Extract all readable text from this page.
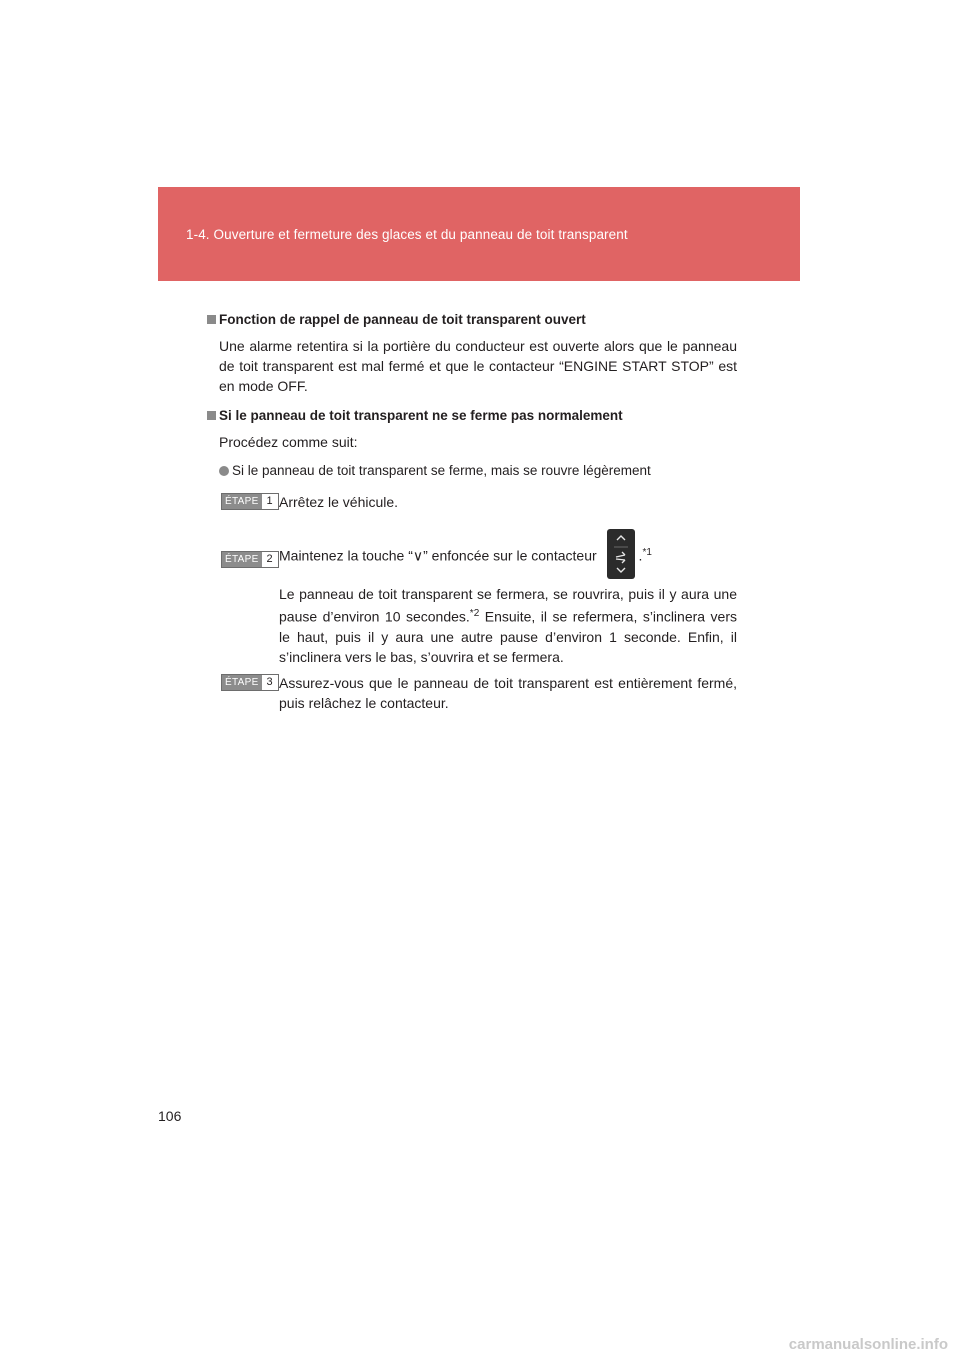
1-4. Ouverture et fermeture des glaces et du panneau de toit transparent
Fonction de rappel de panneau de toit transparent ouvert
Une alarme retentira si la portière du conducteur est ouverte alors que le panneau de toit transparent est mal fermé et que le contacteur “ENGINE START STOP” est en mode OFF.
Si le panneau de toit transparent ne se ferme pas normalement
Procédez comme suit:
Si le panneau de toit transparent se ferme, mais se rouvre légèrement
ÉTAPE 1 Arrêtez le véhicule.
ÉTAPE 2 Maintenez la touche “∨” enfoncée sur le contacteur	.$^{*1}$
Le panneau de toit transparent se fermera, se rouvrira, puis il y aura une pause d’environ 10 secondes.$^{*2}$ Ensuite, il se refermera, s’inclinera vers le haut, puis il y aura une autre pause d’environ 1 seconde. Enfin, il s’inclinera vers le bas, s’ouvrira et se fermera.
ÉTAPE 3 Assurez-vous que le panneau de toit transparent est entièrement fermé, puis relâchez le contacteur.
106
carmanualsonline.info
